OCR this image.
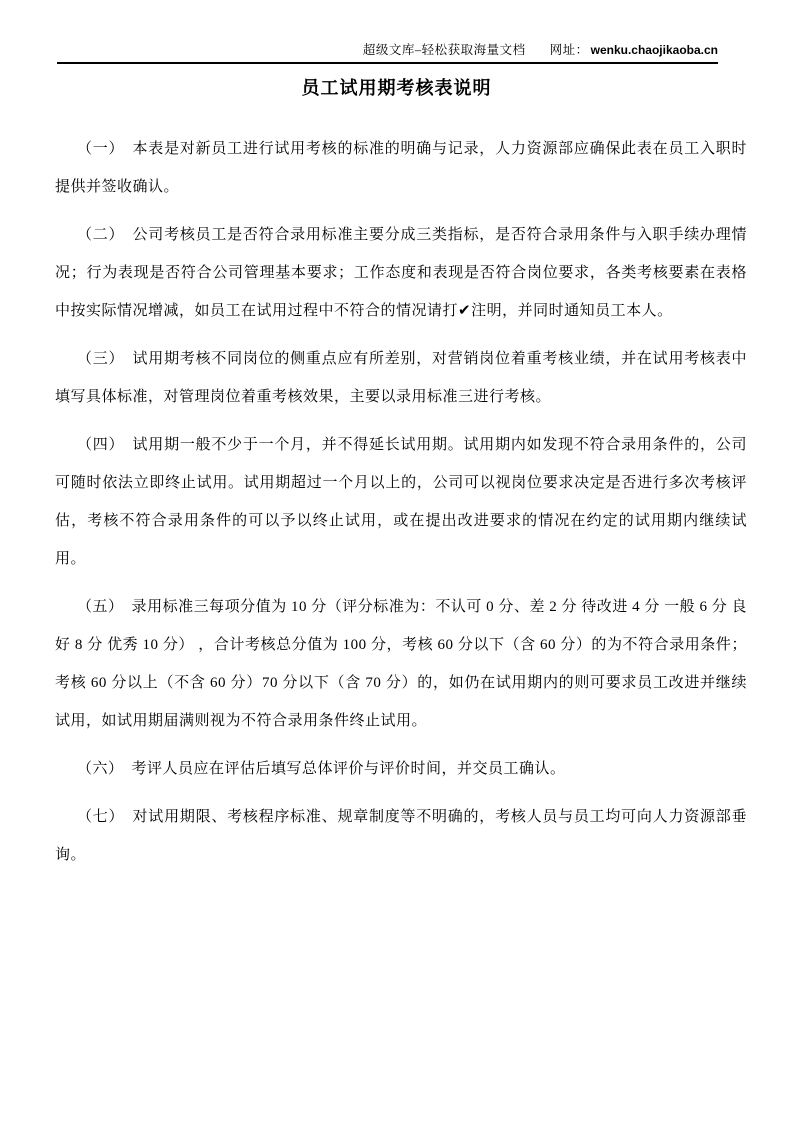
超级文库–轻松获取海量文档 网址： wenku.chaojikaoba.cn
员工试用期考核表说明

（一）　本表是对新员工进行试用考核的标准的明确与记录，人力资源部应确保此表在员工入职时提供并签收确认。

（二）　公司考核员工是否符合录用标准主要分成三类指标，是否符合录用条件与入职手续办理情况；行为表现是否符合公司管理基本要求；工作态度和表现是否符合岗位要求，各类考核要素在表格中按实际情况增减，如员工在试用过程中不符合的情况请打✔注明，并同时通知员工本人。

（三）　试用期考核不同岗位的侧重点应有所差别，对营销岗位着重考核业绩，并在试用考核表中填写具体标准，对管理岗位着重考核效果，主要以录用标准三进行考核。

（四）　试用期一般不少于一个月，并不得延长试用期。试用期内如发现不符合录用条件的，公司可随时依法立即终止试用。试用期超过一个月以上的，公司可以视岗位要求决定是否进行多次考核评估，考核不符合录用条件的可以予以终止试用，或在提出改进要求的情况在约定的试用期内继续试用。

（五）　录用标准三每项分值为 10 分（评分标准为：不认可 0 分、差 2 分 待改进 4 分 一般 6 分 良好 8 分 优秀 10 分） ，合计考核总分值为 100 分，考核 60 分以下（含 60 分）的为不符合录用条件；考核 60 分以上（不含 60 分）70 分以下（含 70 分）的，如仍在试用期内的则可要求员工改进并继续试用，如试用期届满则视为不符合录用条件终止试用。

（六）　考评人员应在评估后填写总体评价与评价时间，并交员工确认。

（七）　对试用期限、考核程序标准、规章制度等不明确的，考核人员与员工均可向人力资源部垂询。
